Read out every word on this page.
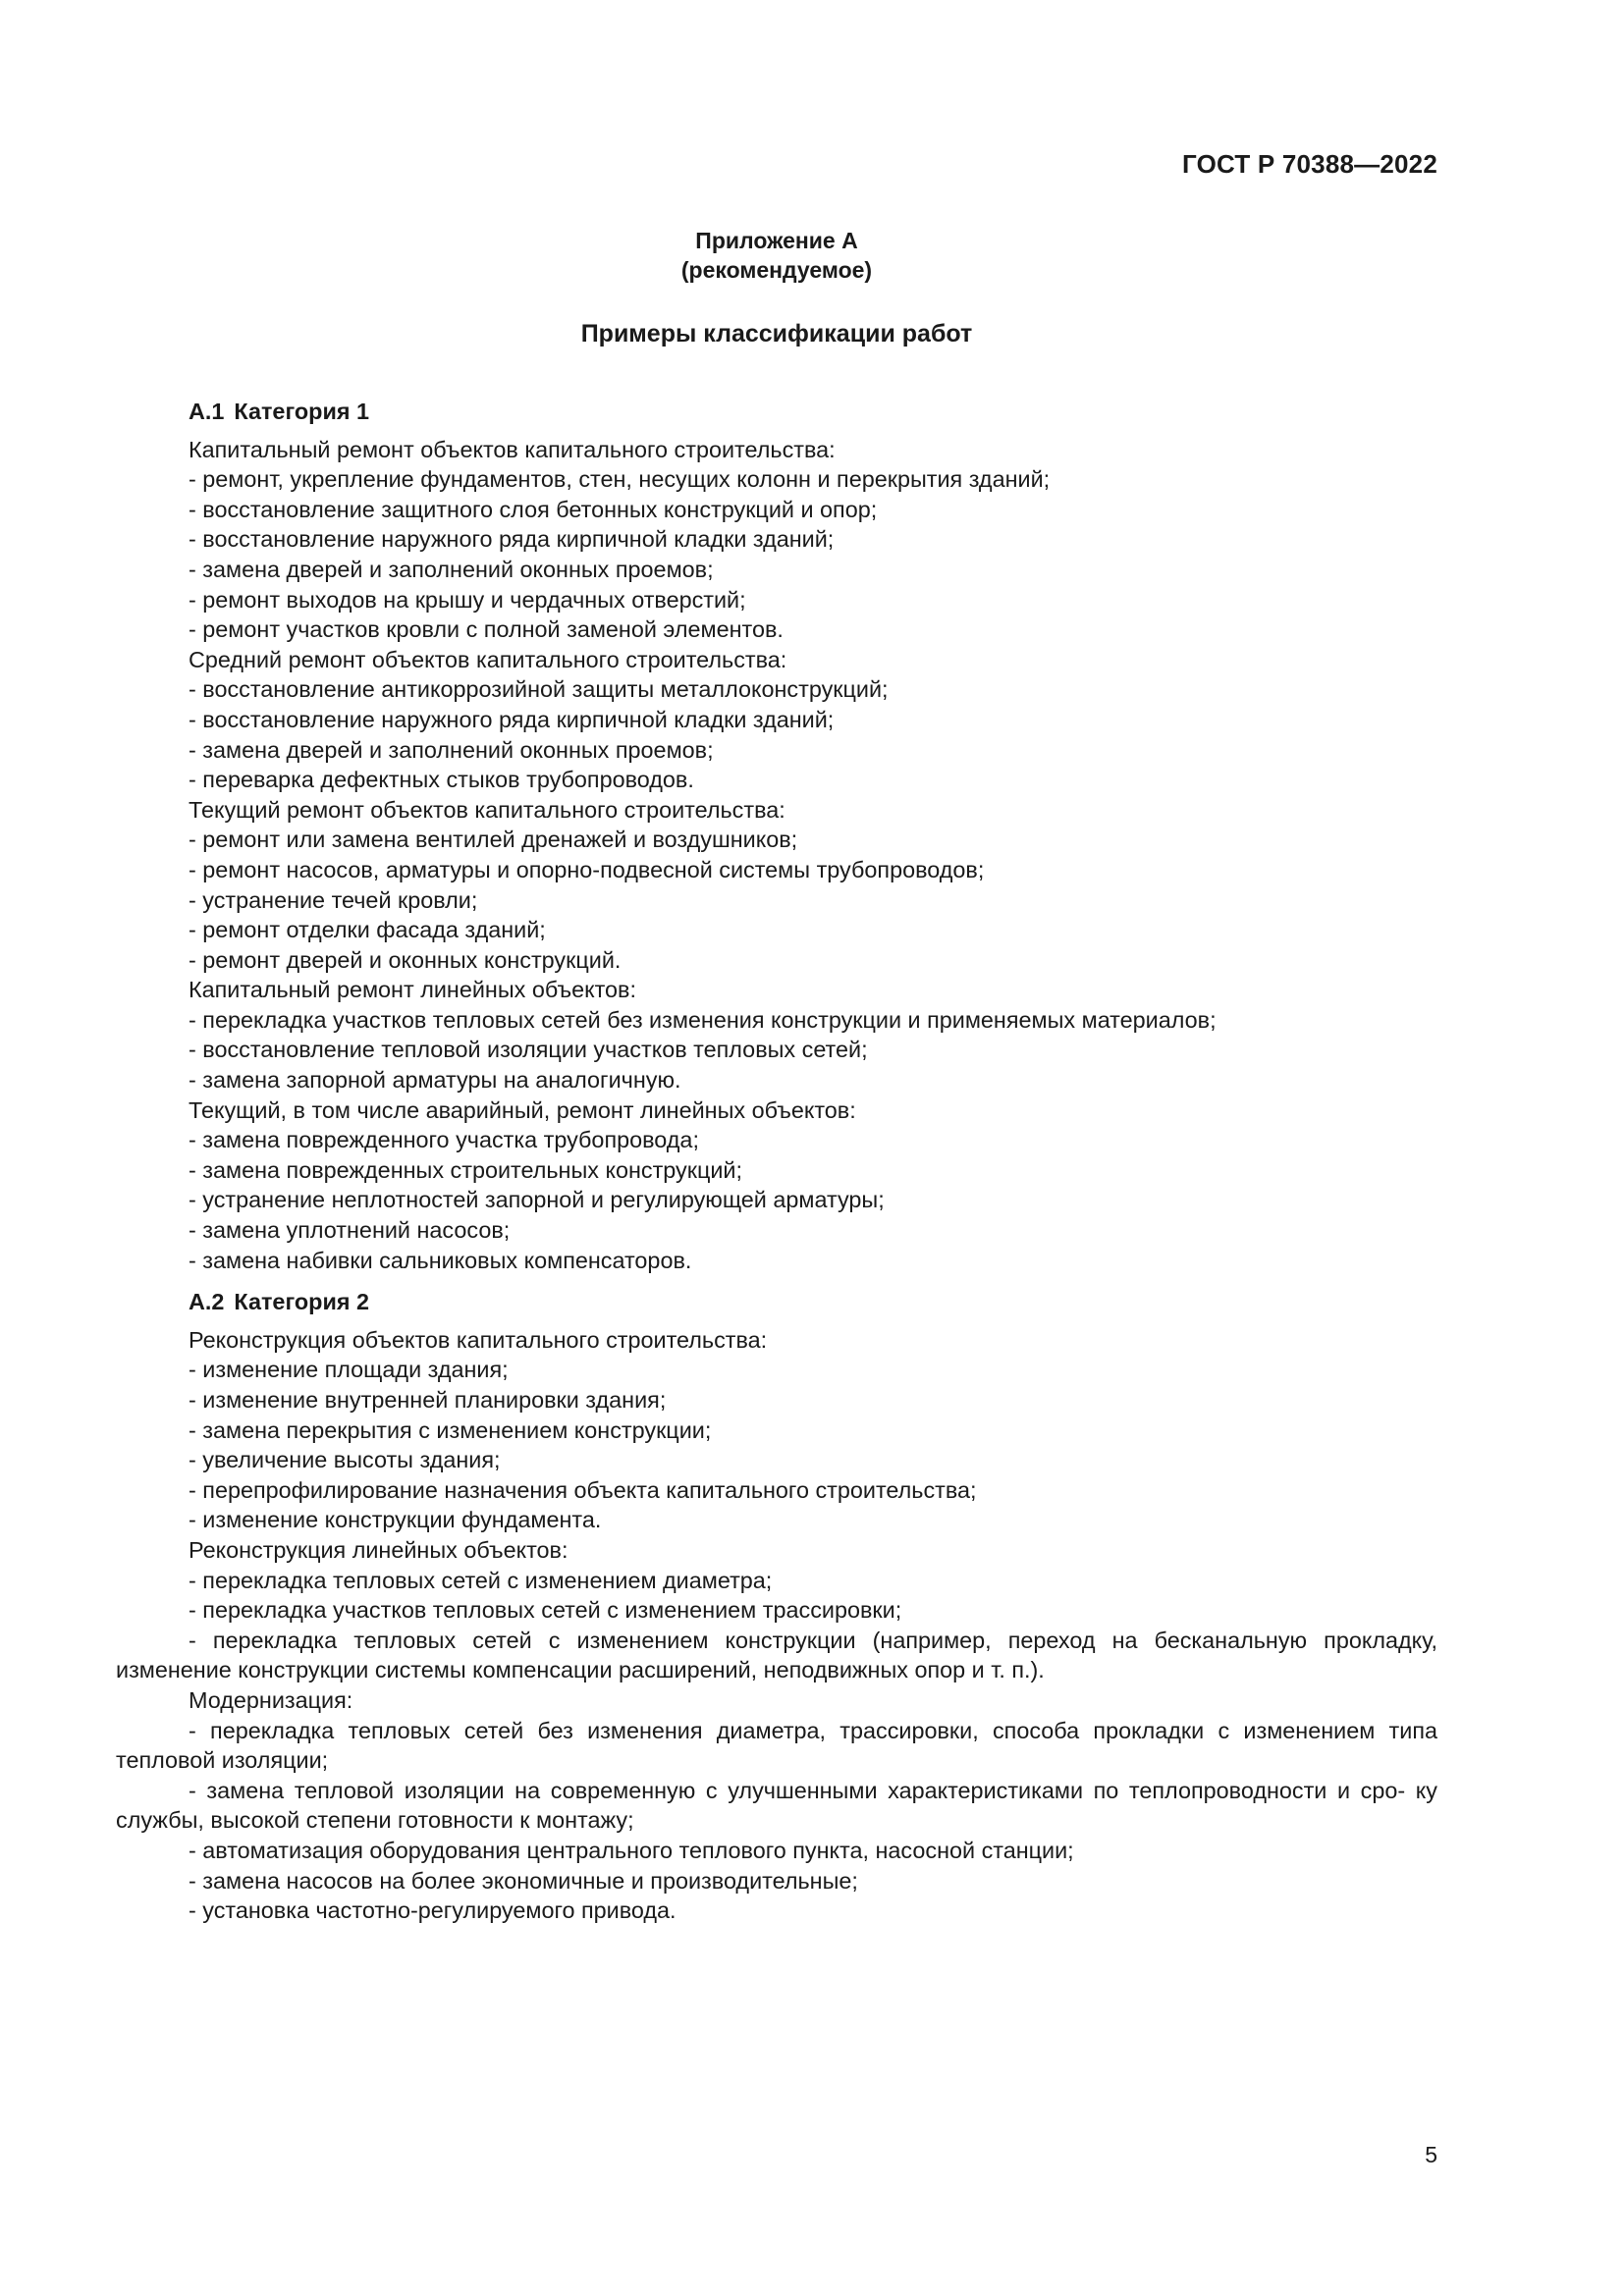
ГОСТ Р 70388—2022
Приложение А
(рекомендуемое)
Примеры классификации работ
А.1 Категория 1
Капитальный ремонт объектов капитального строительства:
- ремонт, укрепление фундаментов, стен, несущих колонн и перекрытия зданий;
- восстановление защитного слоя бетонных конструкций и опор;
- восстановление наружного ряда кирпичной кладки зданий;
- замена дверей и заполнений оконных проемов;
- ремонт выходов на крышу и чердачных отверстий;
- ремонт участков кровли с полной заменой элементов.
Средний ремонт объектов капитального строительства:
- восстановление антикоррозийной защиты металлоконструкций;
- восстановление наружного ряда кирпичной кладки зданий;
- замена дверей и заполнений оконных проемов;
- переварка дефектных стыков трубопроводов.
Текущий ремонт объектов капитального строительства:
- ремонт или замена вентилей дренажей и воздушников;
- ремонт насосов, арматуры и опорно-подвесной системы трубопроводов;
- устранение течей кровли;
- ремонт отделки фасада зданий;
- ремонт дверей и оконных конструкций.
Капитальный ремонт линейных объектов:
- перекладка участков тепловых сетей без изменения конструкции и применяемых материалов;
- восстановление тепловой изоляции участков тепловых сетей;
- замена запорной арматуры на аналогичную.
Текущий, в том числе аварийный, ремонт линейных объектов:
- замена поврежденного участка трубопровода;
- замена поврежденных строительных конструкций;
- устранение неплотностей запорной и регулирующей арматуры;
- замена уплотнений насосов;
- замена набивки сальниковых компенсаторов.
А.2 Категория 2
Реконструкция объектов капитального строительства:
- изменение площади здания;
- изменение внутренней планировки здания;
- замена перекрытия с изменением конструкции;
- увеличение высоты здания;
- перепрофилирование назначения объекта капитального строительства;
- изменение конструкции фундамента.
Реконструкция линейных объектов:
- перекладка тепловых сетей с изменением диаметра;
- перекладка участков тепловых сетей с изменением трассировки;
- перекладка тепловых сетей с изменением конструкции (например, переход на бесканальную прокладку, изменение конструкции системы компенсации расширений, неподвижных опор и т. п.).
Модернизация:
- перекладка тепловых сетей без изменения диаметра, трассировки, способа прокладки с изменением типа тепловой изоляции;
- замена тепловой изоляции на современную с улучшенными характеристиками по теплопроводности и сро- ку службы, высокой степени готовности к монтажу;
- автоматизация оборудования центрального теплового пункта, насосной станции;
- замена насосов на более экономичные и производительные;
- установка частотно-регулируемого привода.
5
